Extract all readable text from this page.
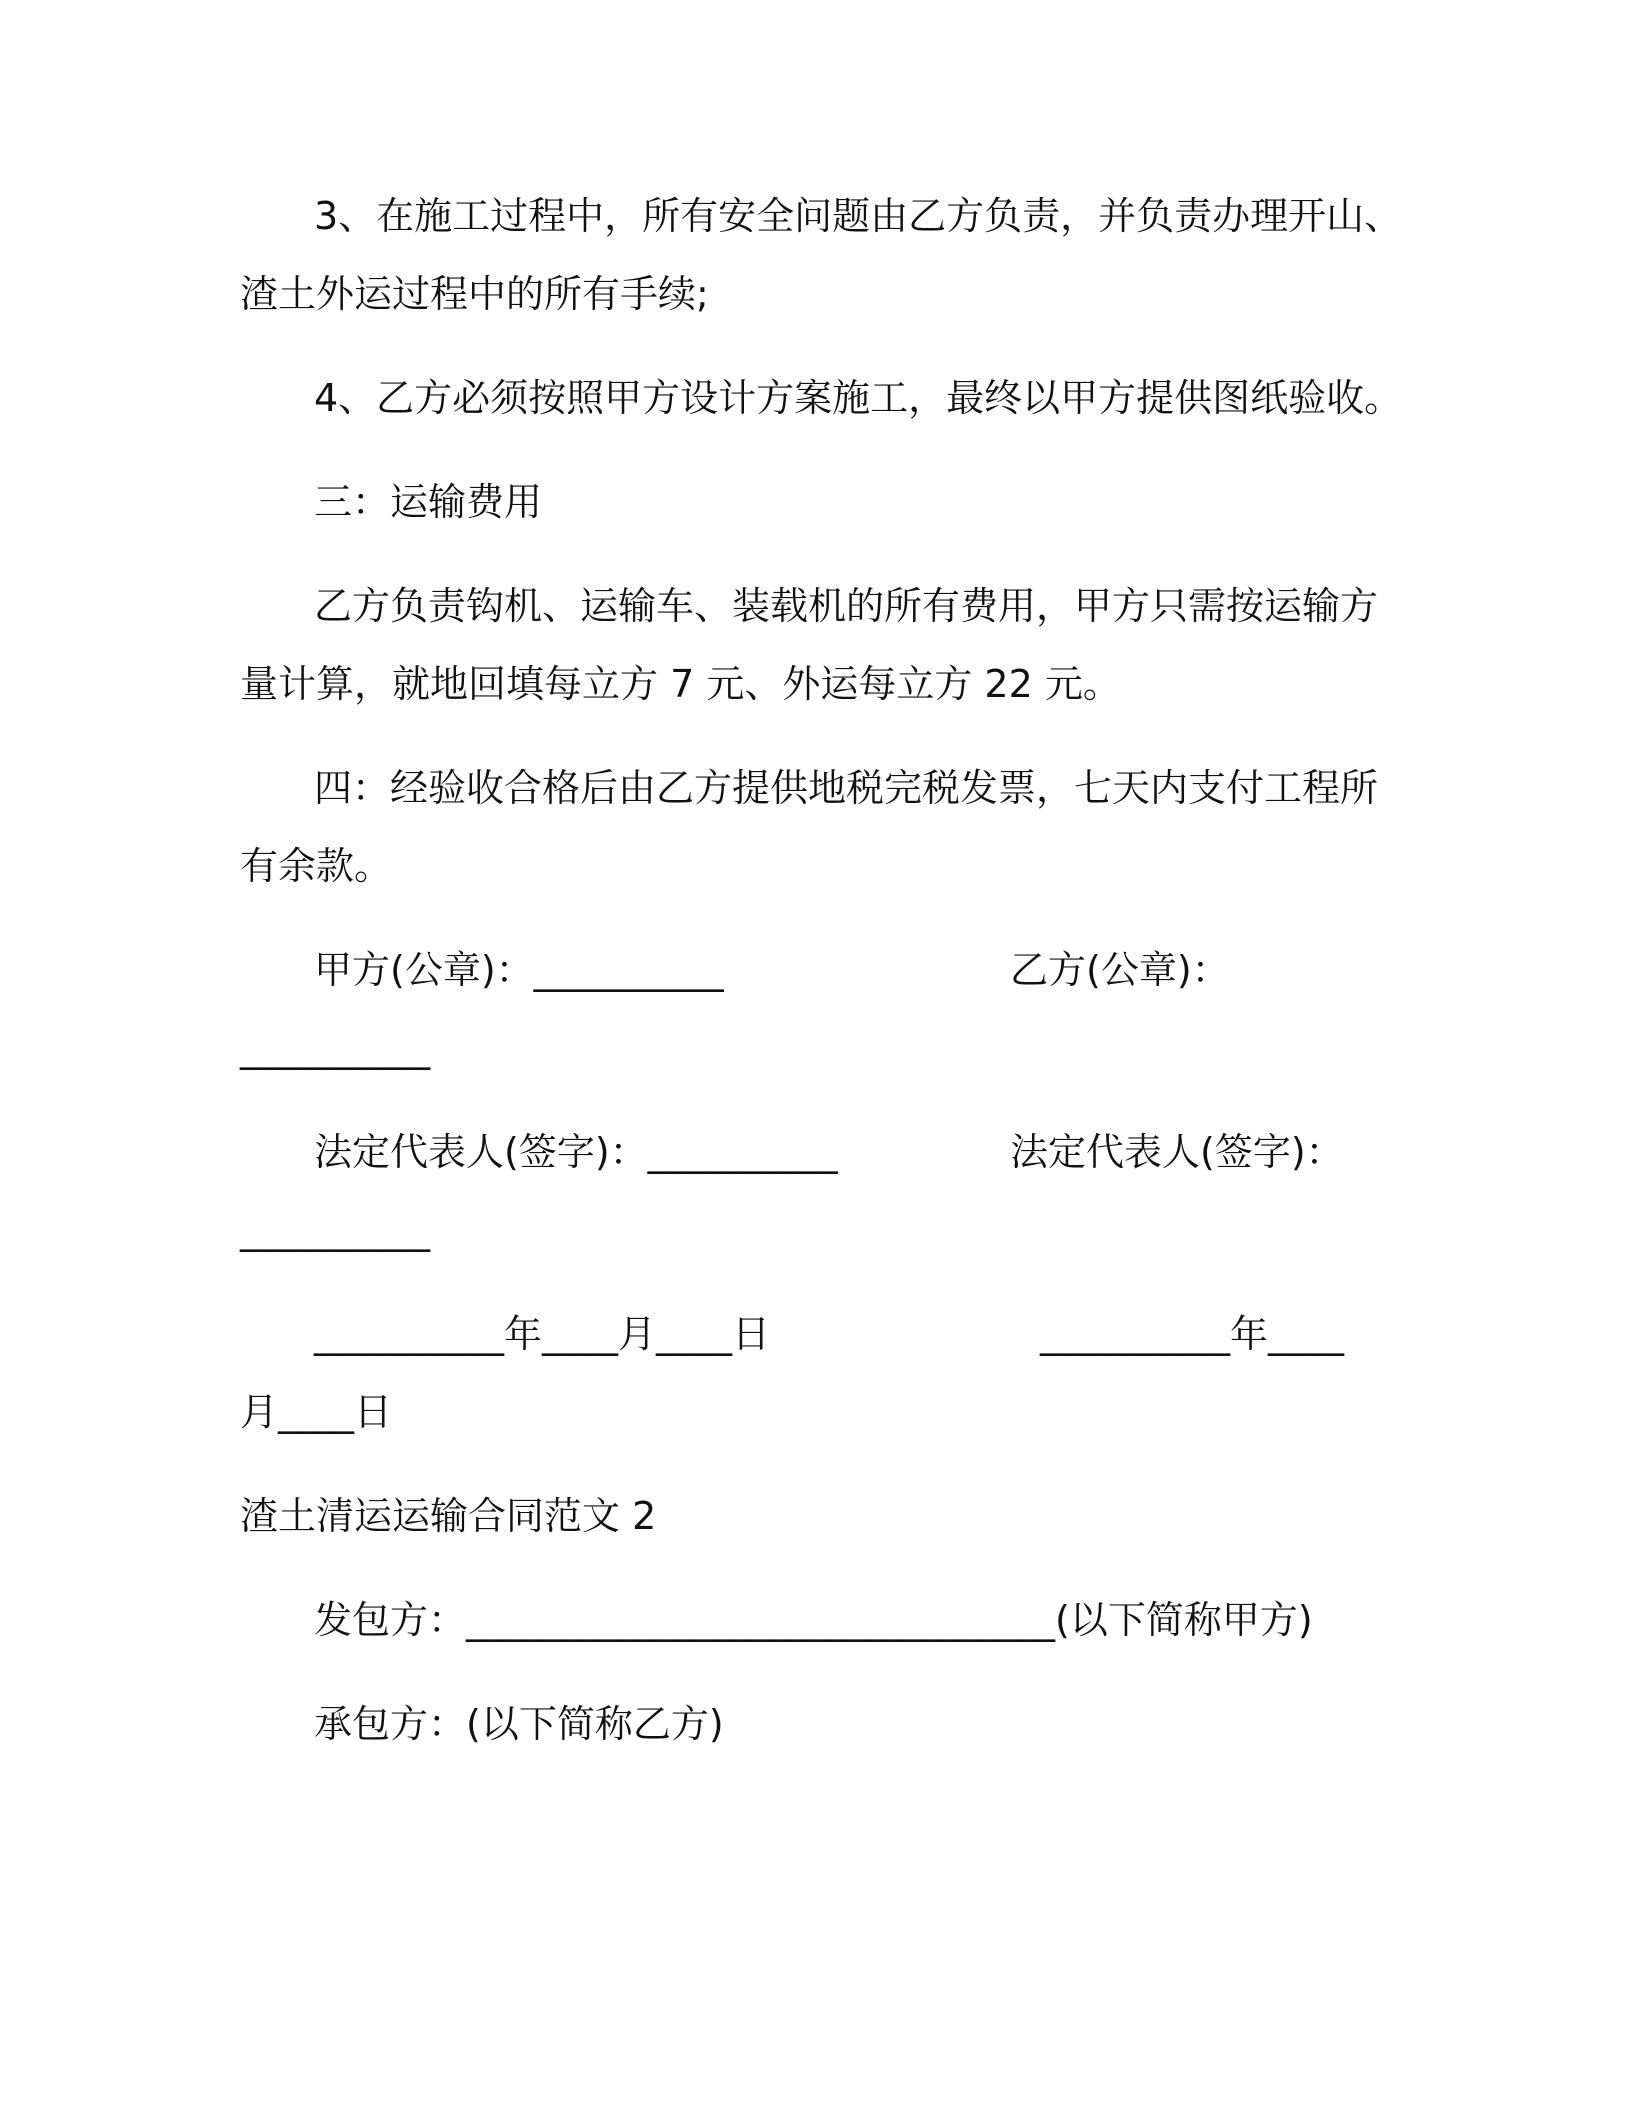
3、在施工过程中，所有安全问题由乙方负责，并负责办理开山、
渣土外运过程中的所有手续;
4、乙方必须按照甲方设计方案施工，最终以甲方提供图纸验收。
三：运输费用
乙方负责钩机、运输车、装载机的所有费用，甲方只需按运输方
量计算，就地回填每立方 7 元、外运每立方 22 元。
四：经验收合格后由乙方提供地税完税发票，七天内支付工程所
有余款。
甲方(公章)：__________	乙方(公章)：
__________
法定代表人(签字)：__________	法定代表人(签字)：
__________
__________年____月____日	__________年____
月____日
渣土清运运输合同范文 2
发包方：_______________________________(以下简称甲方)
承包方：(以下简称乙方)
